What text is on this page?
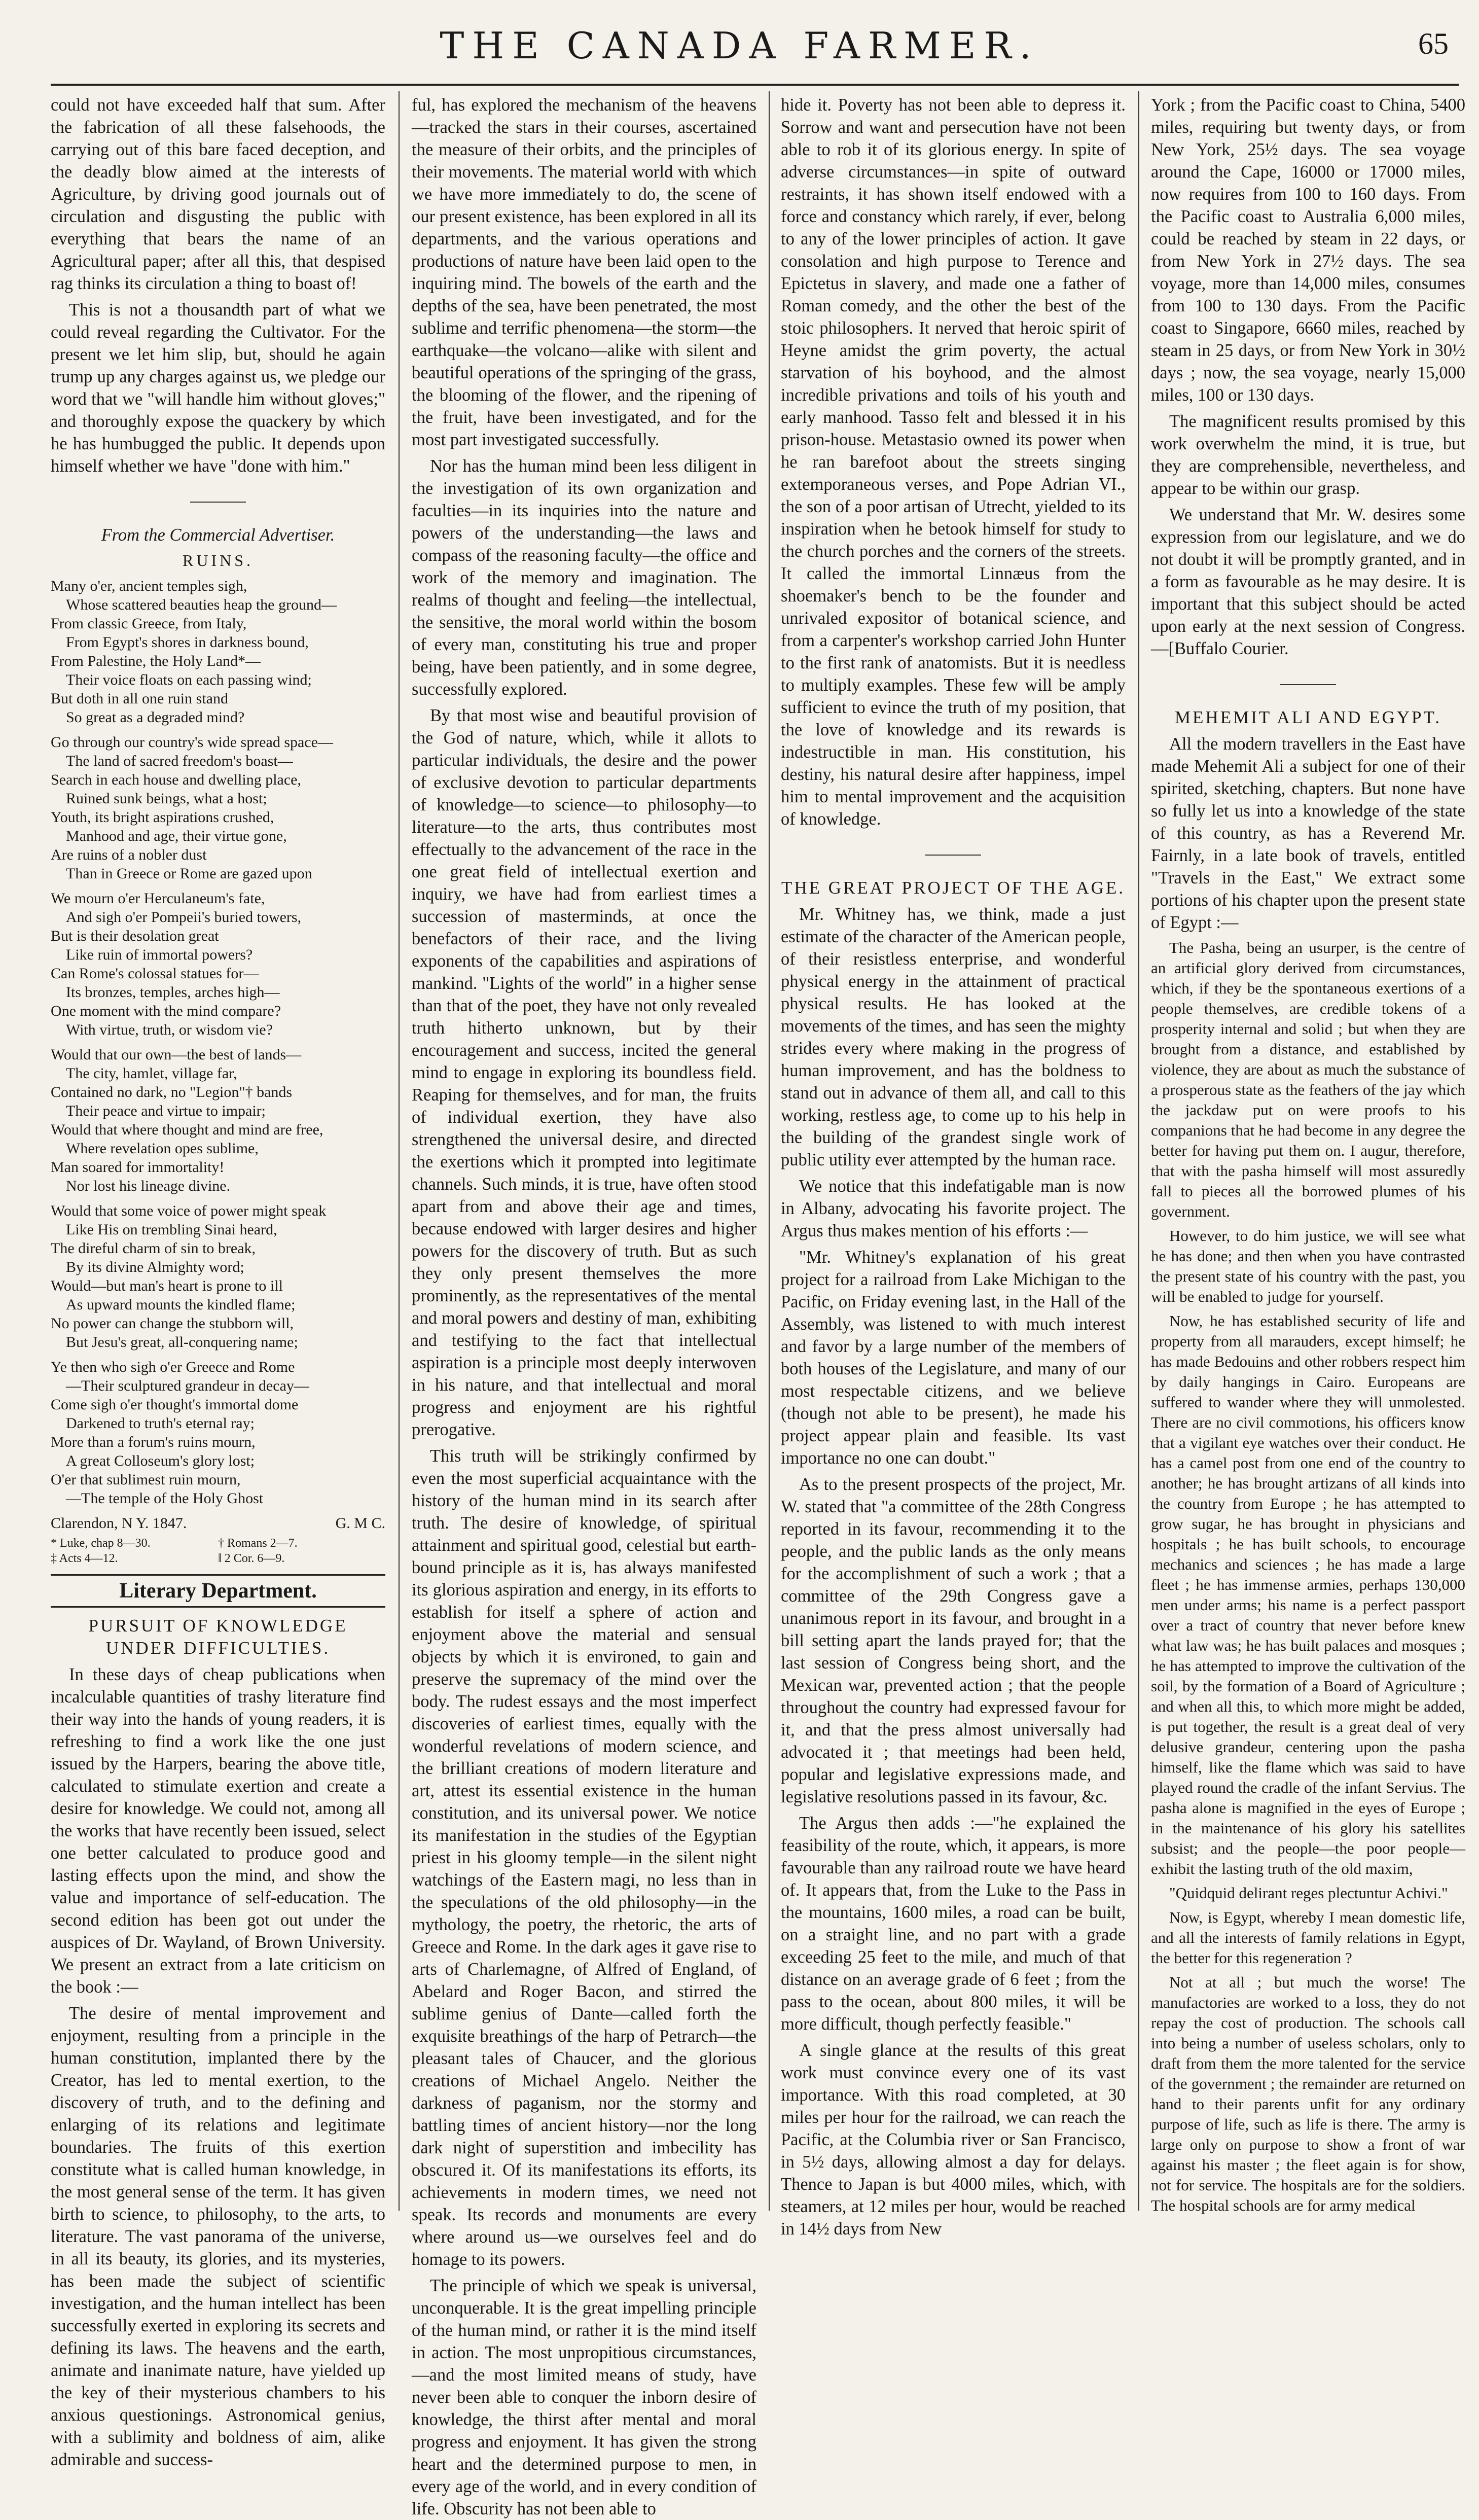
THE CANADA FARMER.	65

could not have exceeded half that sum. After the fabrication of all these falsehoods, the carrying out of this bare faced deception, and the deadly blow aimed at the interests of Agriculture, by driving good journals out of circulation and disgusting the public with everything that bears the name of an Agricultural paper; after all this, that despised rag thinks its circulation a thing to boast of!

This is not a thousandth part of what we could reveal regarding the Cultivator. For the present we let him slip, but, should he again trump up any charges against us, we pledge our word that we "will handle him without gloves;" and thoroughly expose the quackery by which he has humbugged the public. It depends upon himself whether we have "done with him."

From the Commercial Advertiser.
RUINS.
Many o'er, ancient temples sigh,
Whose scattered beauties heap the ground—
From classic Greece, from Italy,
From Egypt's shores in darkness bound,
From Palestine, the Holy Land*—
Their voice floats on each passing wind;
But doth in all one ruin stand
So great as a degraded mind?
Go through our country's wide spread space—
The land of sacred freedom's boast—
Search in each house and dwelling place,
Ruined sunk beings, what a host;
Youth, its bright aspirations crushed,
Manhood and age, their virtue gone,
Are ruins of a nobler dust
Than in Greece or Rome are gazed upon
We mourn o'er Herculaneum's fate,
And sigh o'er Pompeii's buried towers,
But is their desolation great
Like ruin of immortal powers?
Can Rome's colossal statues for—
Its bronzes, temples, arches high—
One moment with the mind compare?
With virtue, truth, or wisdom vie?
Would that our own—the best of lands—
The city, hamlet, village far,
Contained no dark, no "Legion"† bands
Their peace and virtue to impair;
Would that where thought and mind are free,
Where revelation opes sublime,
Man soared for immortality!
Nor lost his lineage divine.
Would that some voice of power might speak
Like His on trembling Sinai heard,
The direful charm of sin to break,
By its divine Almighty word;
Would—but man's heart is prone to ill
As upward mounts the kindled flame;
No power can change the stubborn will,
But Jesu's great, all-conquering name;
Ye then who sigh o'er Greece and Rome
—Their sculptured grandeur in decay—
Come sigh o'er thought's immortal dome
Darkened to truth's eternal ray;
More than a forum's ruins mourn,
A great Colloseum's glory lost;
O'er that sublimest ruin mourn,
—The temple of the Holy Ghost
Clarendon, N Y. 1847.	G. M C.
* Luke, chap 8—30.	† Romans 2—7.
‡ Acts 4—12.	‖ 2 Cor. 6—9.
Literary Department.
PURSUIT OF KNOWLEDGE UNDER DIFFICULTIES.

In these days of cheap publications when incalculable quantities of trashy literature find their way into the hands of young readers, it is refreshing to find a work like the one just issued by the Harpers, bearing the above title, calculated to stimulate exertion and create a desire for knowledge. We could not, among all the works that have recently been issued, select one better calculated to produce good and lasting effects upon the mind, and show the value and importance of self-education. The second edition has been got out under the auspices of Dr. Wayland, of Brown University. We present an extract from a late criticism on the book :—

The desire of mental improvement and enjoyment, resulting from a principle in the human constitution, implanted there by the Creator, has led to mental exertion, to the discovery of truth, and to the defining and enlarging of its relations and legitimate boundaries. The fruits of this exertion constitute what is called human knowledge, in the most general sense of the term. It has given birth to science, to philosophy, to the arts, to literature. The vast panorama of the universe, in all its beauty, its glories, and its mysteries, has been made the subject of scientific investigation, and the human intellect has been successfully exerted in exploring its secrets and defining its laws. The heavens and the earth, animate and inanimate nature, have yielded up the key of their mysterious chambers to his anxious questionings. Astronomical genius, with a sublimity and boldness of aim, alike admirable and success-

ful, has explored the mechanism of the heavens—tracked the stars in their courses, ascertained the measure of their orbits, and the principles of their movements. The material world with which we have more immediately to do, the scene of our present existence, has been explored in all its departments, and the various operations and productions of nature have been laid open to the inquiring mind. The bowels of the earth and the depths of the sea, have been penetrated, the most sublime and terrific phenomena—the storm—the earthquake—the volcano—alike with silent and beautiful operations of the springing of the grass, the blooming of the flower, and the ripening of the fruit, have been investigated, and for the most part investigated successfully.

Nor has the human mind been less diligent in the investigation of its own organization and faculties—in its inquiries into the nature and powers of the understanding—the laws and compass of the reasoning faculty—the office and work of the memory and imagination. The realms of thought and feeling—the intellectual, the sensitive, the moral world within the bosom of every man, constituting his true and proper being, have been patiently, and in some degree, successfully explored.

By that most wise and beautiful provision of the God of nature, which, while it allots to particular individuals, the desire and the power of exclusive devotion to particular departments of knowledge—to science—to philosophy—to literature—to the arts, thus contributes most effectually to the advancement of the race in the one great field of intellectual exertion and inquiry, we have had from earliest times a succession of masterminds, at once the benefactors of their race, and the living exponents of the capabilities and aspirations of mankind. "Lights of the world" in a higher sense than that of the poet, they have not only revealed truth hitherto unknown, but by their encouragement and success, incited the general mind to engage in exploring its boundless field. Reaping for themselves, and for man, the fruits of individual exertion, they have also strengthened the universal desire, and directed the exertions which it prompted into legitimate channels. Such minds, it is true, have often stood apart from and above their age and times, because endowed with larger desires and higher powers for the discovery of truth. But as such they only present themselves the more prominently, as the representatives of the mental and moral powers and destiny of man, exhibiting and testifying to the fact that intellectual aspiration is a principle most deeply interwoven in his nature, and that intellectual and moral progress and enjoyment are his rightful prerogative.

This truth will be strikingly confirmed by even the most superficial acquaintance with the history of the human mind in its search after truth. The desire of knowledge, of spiritual attainment and spiritual good, celestial but earth-bound principle as it is, has always manifested its glorious aspiration and energy, in its efforts to establish for itself a sphere of action and enjoyment above the material and sensual objects by which it is environed, to gain and preserve the supremacy of the mind over the body. The rudest essays and the most imperfect discoveries of earliest times, equally with the wonderful revelations of modern science, and the brilliant creations of modern literature and art, attest its essential existence in the human constitution, and its universal power. We notice its manifestation in the studies of the Egyptian priest in his gloomy temple—in the silent night watchings of the Eastern magi, no less than in the speculations of the old philosophy—in the mythology, the poetry, the rhetoric, the arts of Greece and Rome. In the dark ages it gave rise to arts of Charlemagne, of Alfred of England, of Abelard and Roger Bacon, and stirred the sublime genius of Dante—called forth the exquisite breathings of the harp of Petrarch—the pleasant tales of Chaucer, and the glorious creations of Michael Angelo. Neither the darkness of paganism, nor the stormy and battling times of ancient history—nor the long dark night of superstition and imbecility has obscured it. Of its manifestations its efforts, its achievements in modern times, we need not speak. Its records and monuments are every where around us—we ourselves feel and do homage to its powers.

The principle of which we speak is universal, unconquerable. It is the great impelling principle of the human mind, or rather it is the mind itself in action. The most unpropitious circumstances,—and the most limited means of study, have never been able to conquer the inborn desire of knowledge, the thirst after mental and moral progress and enjoyment. It has given the strong heart and the determined purpose to men, in every age of the world, and in every condition of life. Obscurity has not been able to

hide it. Poverty has not been able to depress it. Sorrow and want and persecution have not been able to rob it of its glorious energy. In spite of adverse circumstances—in spite of outward restraints, it has shown itself endowed with a force and constancy which rarely, if ever, belong to any of the lower principles of action. It gave consolation and high purpose to Terence and Epictetus in slavery, and made one a father of Roman comedy, and the other the best of the stoic philosophers. It nerved that heroic spirit of Heyne amidst the grim poverty, the actual starvation of his boyhood, and the almost incredible privations and toils of his youth and early manhood. Tasso felt and blessed it in his prison-house. Metastasio owned its power when he ran barefoot about the streets singing extemporaneous verses, and Pope Adrian VI., the son of a poor artisan of Utrecht, yielded to its inspiration when he betook himself for study to the church porches and the corners of the streets. It called the immortal Linnæus from the shoemaker's bench to be the founder and unrivaled expositor of botanical science, and from a carpenter's workshop carried John Hunter to the first rank of anatomists. But it is needless to multiply examples. These few will be amply sufficient to evince the truth of my position, that the love of knowledge and its rewards is indestructible in man. His constitution, his destiny, his natural desire after happiness, impel him to mental improvement and the acquisition of knowledge.

THE GREAT PROJECT OF THE AGE.

Mr. Whitney has, we think, made a just estimate of the character of the American people, of their resistless enterprise, and wonderful physical energy in the attainment of practical physical results. He has looked at the movements of the times, and has seen the mighty strides every where making in the progress of human improvement, and has the boldness to stand out in advance of them all, and call to this working, restless age, to come up to his help in the building of the grandest single work of public utility ever attempted by the human race.

We notice that this indefatigable man is now in Albany, advocating his favorite project. The Argus thus makes mention of his efforts :—

"Mr. Whitney's explanation of his great project for a railroad from Lake Michigan to the Pacific, on Friday evening last, in the Hall of the Assembly, was listened to with much interest and favor by a large number of the members of both houses of the Legislature, and many of our most respectable citizens, and we believe (though not able to be present), he made his project appear plain and feasible. Its vast importance no one can doubt."

As to the present prospects of the project, Mr. W. stated that "a committee of the 28th Congress reported in its favour, recommending it to the people, and the public lands as the only means for the accomplishment of such a work ; that a committee of the 29th Congress gave a unanimous report in its favour, and brought in a bill setting apart the lands prayed for; that the last session of Congress being short, and the Mexican war, prevented action ; that the people throughout the country had expressed favour for it, and that the press almost universally had advocated it ; that meetings had been held, popular and legislative expressions made, and legislative resolutions passed in its favour, &c.

The Argus then adds :—"he explained the feasibility of the route, which, it appears, is more favourable than any railroad route we have heard of. It appears that, from the Luke to the Pass in the mountains, 1600 miles, a road can be built, on a straight line, and no part with a grade exceeding 25 feet to the mile, and much of that distance on an average grade of 6 feet ; from the pass to the ocean, about 800 miles, it will be more difficult, though perfectly feasible."

A single glance at the results of this great work must convince every one of its vast importance. With this road completed, at 30 miles per hour for the railroad, we can reach the Pacific, at the Columbia river or San Francisco, in 5½ days, allowing almost a day for delays. Thence to Japan is but 4000 miles, which, with steamers, at 12 miles per hour, would be reached in 14½ days from New

York ; from the Pacific coast to China, 5400 miles, requiring but twenty days, or from New York, 25½ days. The sea voyage around the Cape, 16000 or 17000 miles, now requires from 100 to 160 days. From the Pacific coast to Australia 6,000 miles, could be reached by steam in 22 days, or from New York in 27½ days. The sea voyage, more than 14,000 miles, consumes from 100 to 130 days. From the Pacific coast to Singapore, 6660 miles, reached by steam in 25 days, or from New York in 30½ days ; now, the sea voyage, nearly 15,000 miles, 100 or 130 days.

The magnificent results promised by this work overwhelm the mind, it is true, but they are comprehensible, nevertheless, and appear to be within our grasp.

We understand that Mr. W. desires some expression from our legislature, and we do not doubt it will be promptly granted, and in a form as favourable as he may desire. It is important that this subject should be acted upon early at the next session of Congress.—[Buffalo Courier.

MEHEMIT ALI AND EGYPT.

All the modern travellers in the East have made Mehemit Ali a subject for one of their spirited, sketching, chapters. But none have so fully let us into a knowledge of the state of this country, as has a Reverend Mr. Fairnly, in a late book of travels, entitled "Travels in the East," We extract some portions of his chapter upon the present state of Egypt :—

The Pasha, being an usurper, is the centre of an artificial glory derived from circumstances, which, if they be the spontaneous exertions of a people themselves, are credible tokens of a prosperity internal and solid ; but when they are brought from a distance, and established by violence, they are about as much the substance of a prosperous state as the feathers of the jay which the jackdaw put on were proofs to his companions that he had become in any degree the better for having put them on. I augur, therefore, that with the pasha himself will most assuredly fall to pieces all the borrowed plumes of his government.

However, to do him justice, we will see what he has done; and then when you have contrasted the present state of his country with the past, you will be enabled to judge for yourself.

Now, he has established security of life and property from all marauders, except himself; he has made Bedouins and other robbers respect him by daily hangings in Cairo. Europeans are suffered to wander where they will unmolested. There are no civil commotions, his officers know that a vigilant eye watches over their conduct. He has a camel post from one end of the country to another; he has brought artizans of all kinds into the country from Europe ; he has attempted to grow sugar, he has brought in physicians and hospitals ; he has built schools, to encourage mechanics and sciences ; he has made a large fleet ; he has immense armies, perhaps 130,000 men under arms; his name is a perfect passport over a tract of country that never before knew what law was; he has built palaces and mosques ; he has attempted to improve the cultivation of the soil, by the formation of a Board of Agriculture ; and when all this, to which more might be added, is put together, the result is a great deal of very delusive grandeur, centering upon the pasha himself, like the flame which was said to have played round the cradle of the infant Servius. The pasha alone is magnified in the eyes of Europe ; in the maintenance of his glory his satellites subsist; and the people—the poor people—exhibit the lasting truth of the old maxim,

"Quidquid delirant reges plectuntur Achivi."

Now, is Egypt, whereby I mean domestic life, and all the interests of family relations in Egypt, the better for this regeneration ?

Not at all ; but much the worse! The manufactories are worked to a loss, they do not repay the cost of production. The schools call into being a number of useless scholars, only to draft from them the more talented for the service of the government ; the remainder are returned on hand to their parents unfit for any ordinary purpose of life, such as life is there. The army is large only on purpose to show a front of war against his master ; the fleet again is for show, not for service. The hospitals are for the soldiers. The hospital schools are for army medical
